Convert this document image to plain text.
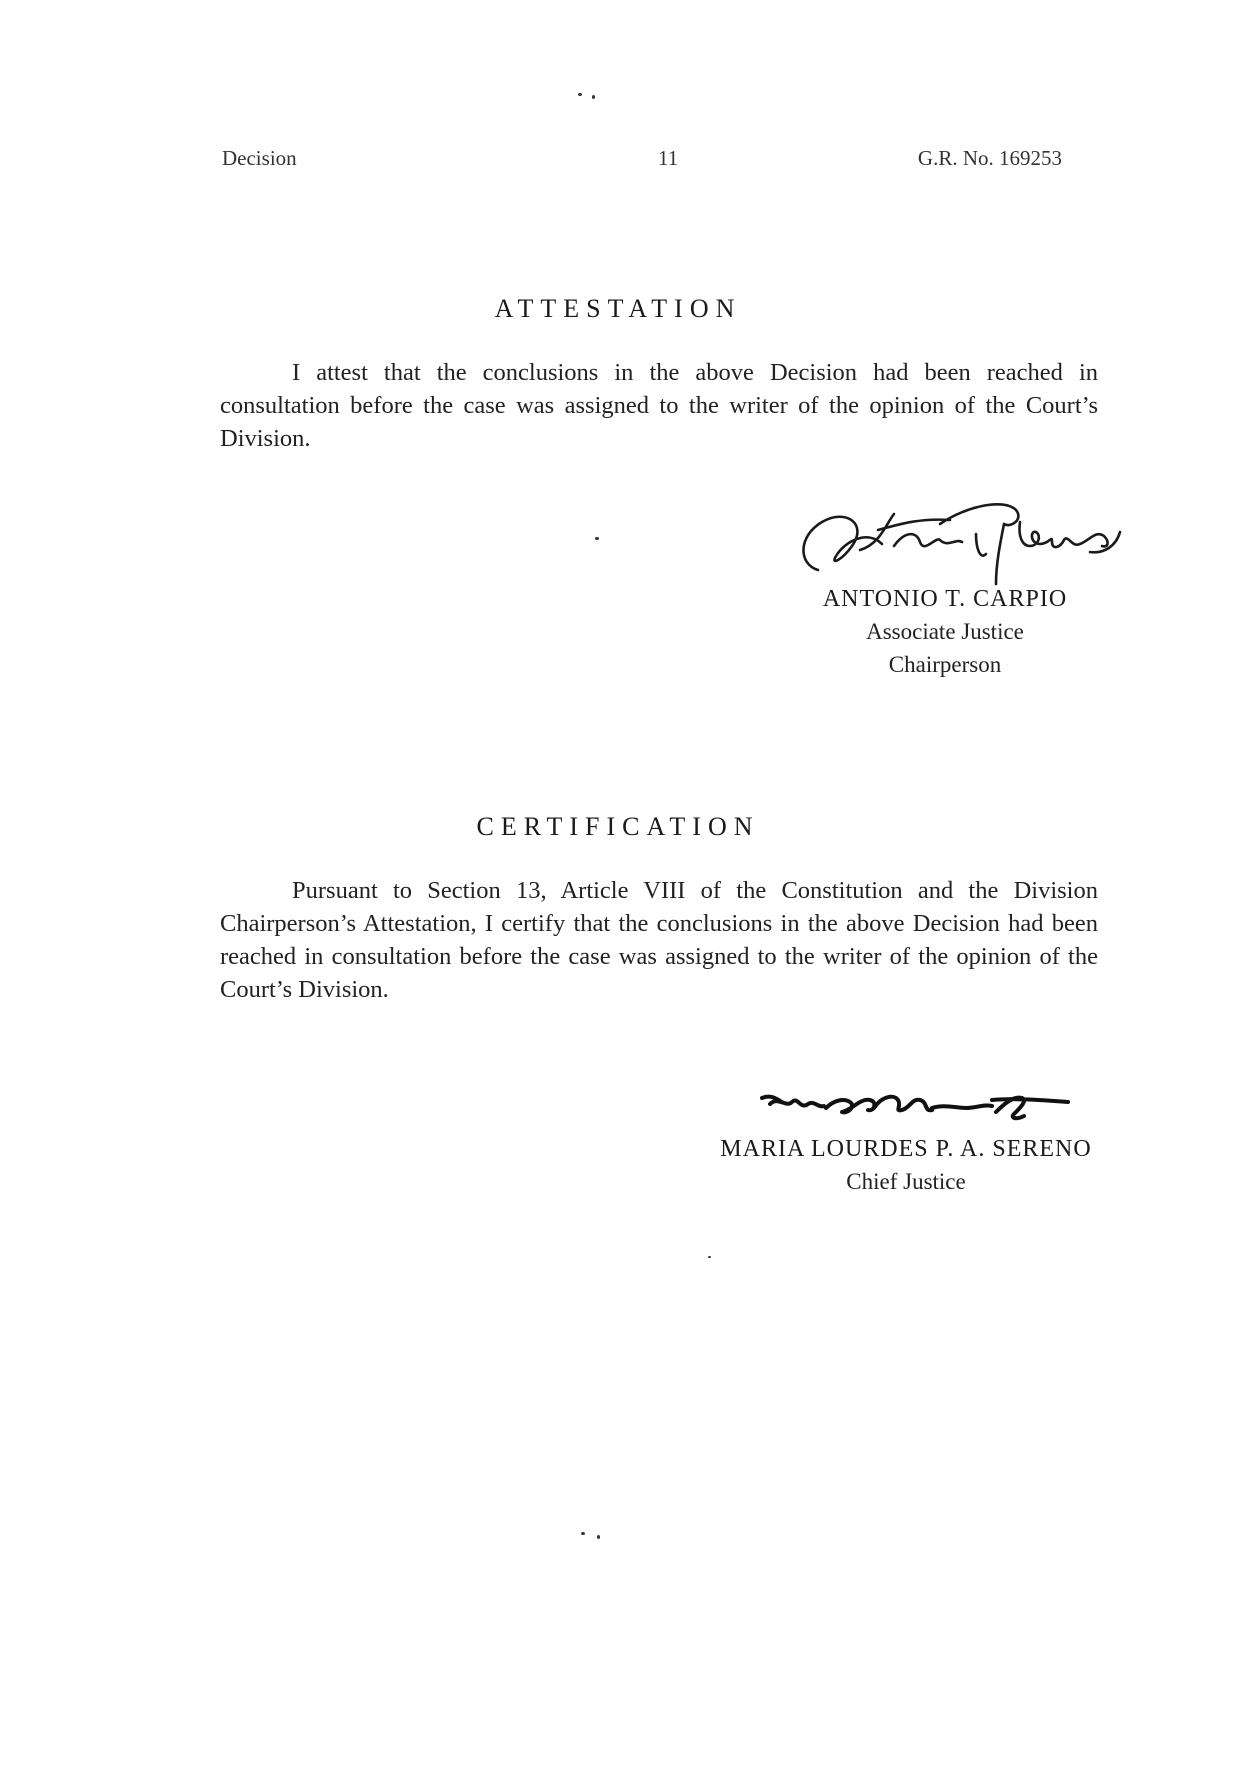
Decision	11	G.R. No. 169253
ATTESTATION
I attest that the conclusions in the above Decision had been reached in consultation before the case was assigned to the writer of the opinion of the Court’s Division.
ANTONIO T. CARPIO
Associate Justice
Chairperson
CERTIFICATION
Pursuant to Section 13, Article VIII of the Constitution and the Division Chairperson’s Attestation, I certify that the conclusions in the above Decision had been reached in consultation before the case was assigned to the writer of the opinion of the Court’s Division.
MARIA LOURDES P. A. SERENO
Chief Justice
